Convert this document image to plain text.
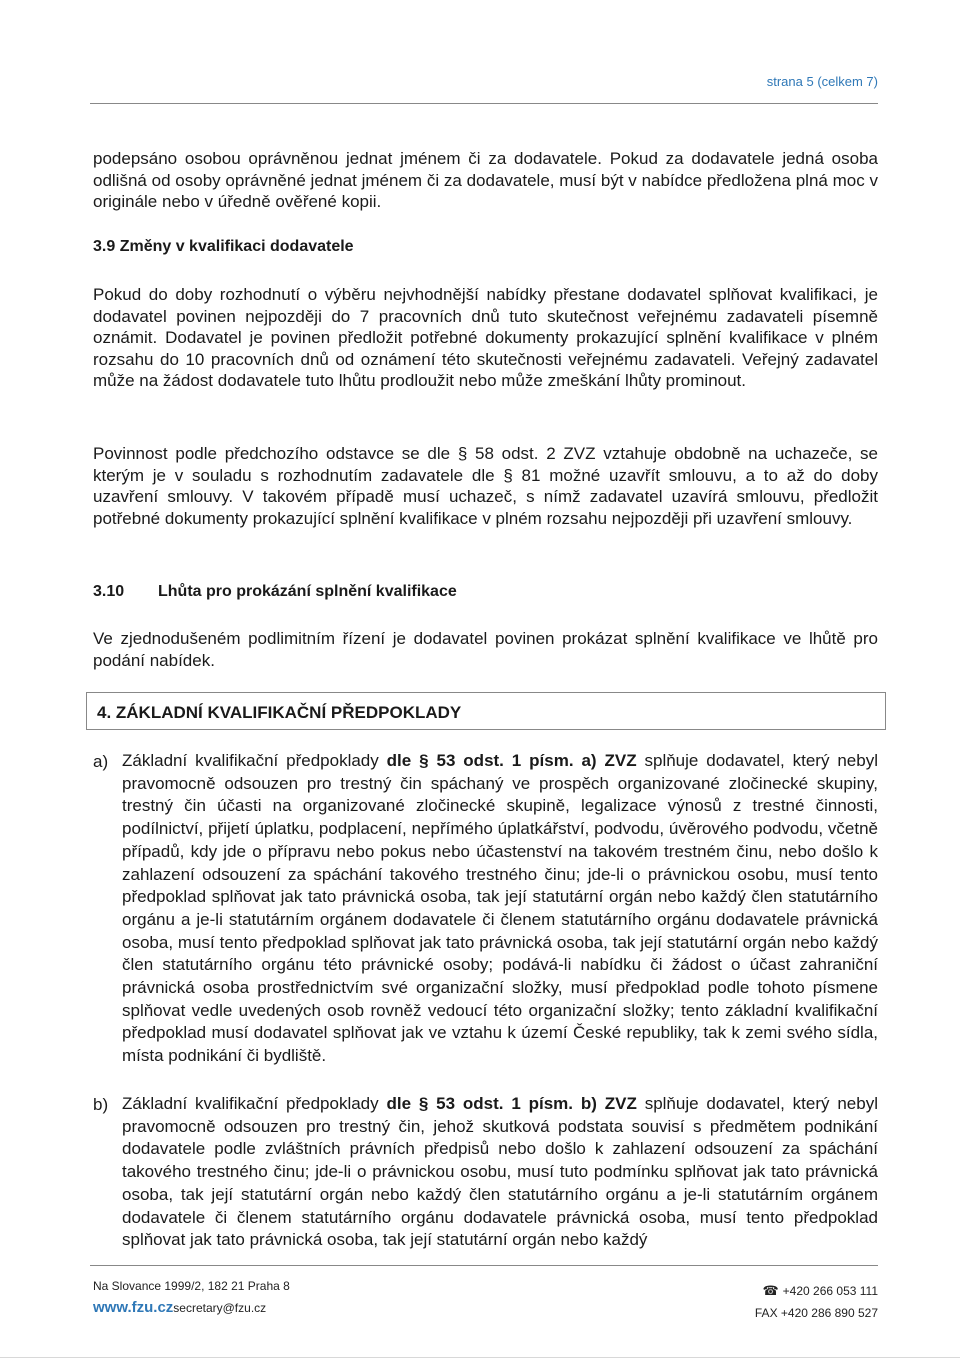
strana 5 (celkem 7)

podepsáno osobou oprávněnou jednat jménem či za dodavatele. Pokud za dodavatele jedná osoba odlišná od osoby oprávněné jednat jménem či za dodavatele, musí být v nabídce předložena plná moc v originále nebo v úředně ověřené kopii.

3.9 Změny v kvalifikaci dodavatele

Pokud do doby rozhodnutí o výběru nejvhodnější nabídky přestane dodavatel splňovat kvalifikaci, je dodavatel povinen nejpozději do 7 pracovních dnů tuto skutečnost veřejnému zadavateli písemně oznámit. Dodavatel je povinen předložit potřebné dokumenty prokazující splnění kvalifikace v plném rozsahu do 10 pracovních dnů od oznámení této skutečnosti veřejnému zadavateli. Veřejný zadavatel může na žádost dodavatele tuto lhůtu prodloužit nebo může zmeškání lhůty prominout.

Povinnost podle předchozího odstavce se dle § 58 odst. 2 ZVZ vztahuje obdobně na uchazeče, se kterým je v souladu s rozhodnutím zadavatele dle § 81 možné uzavřít smlouvu, a to až do doby uzavření smlouvy. V takovém případě musí uchazeč, s nímž zadavatel uzavírá smlouvu, předložit potřebné dokumenty prokazující splnění kvalifikace v plném rozsahu nejpozději při uzavření smlouvy.

3.10 Lhůta pro prokázání splnění kvalifikace

Ve zjednodušeném podlimitním řízení je dodavatel povinen prokázat splnění kvalifikace ve lhůtě pro podání nabídek.

4. ZÁKLADNÍ KVALIFIKAČNÍ PŘEDPOKLADY
a) Základní kvalifikační předpoklady dle § 53 odst. 1 písm. a) ZVZ splňuje dodavatel, který nebyl pravomocně odsouzen pro trestný čin spáchaný ve prospěch organizované zločinecké skupiny, trestný čin účasti na organizované zločinecké skupině, legalizace výnosů z trestné činnosti, podílnictví, přijetí úplatku, podplacení, nepřímého úplatkářství, podvodu, úvěrového podvodu, včetně případů, kdy jde o přípravu nebo pokus nebo účastenství na takovém trestném činu, nebo došlo k zahlazení odsouzení za spáchání takového trestného činu; jde-li o právnickou osobu, musí tento předpoklad splňovat jak tato právnická osoba, tak její statutární orgán nebo každý člen statutárního orgánu a je-li statutárním orgánem dodavatele či členem statutárního orgánu dodavatele právnická osoba, musí tento předpoklad splňovat jak tato právnická osoba, tak její statutární orgán nebo každý člen statutárního orgánu této právnické osoby; podává-li nabídku či žádost o účast zahraniční právnická osoba prostřednictvím své organizační složky, musí předpoklad podle tohoto písmene splňovat vedle uvedených osob rovněž vedoucí této organizační složky; tento základní kvalifikační předpoklad musí dodavatel splňovat jak ve vztahu k území České republiky, tak k zemi svého sídla, místa podnikání či bydliště.

b) Základní kvalifikační předpoklady dle § 53 odst. 1 písm. b) ZVZ splňuje dodavatel, který nebyl pravomocně odsouzen pro trestný čin, jehož skutková podstata souvisí s předmětem podnikání dodavatele podle zvláštních právních předpisů nebo došlo k zahlazení odsouzení za spáchání takového trestného činu; jde-li o právnickou osobu, musí tuto podmínku splňovat jak tato právnická osoba, tak její statutární orgán nebo každý člen statutárního orgánu a je-li statutárním orgánem dodavatele či členem statutárního orgánu dodavatele právnická osoba, musí tento předpoklad splňovat jak tato právnická osoba, tak její statutární orgán nebo každý

Na Slovance 1999/2, 182 21 Praha 8
www.fzu.czsecretary@fzu.cz
☎ +420 266 053 111
FAX +420 286 890 527
